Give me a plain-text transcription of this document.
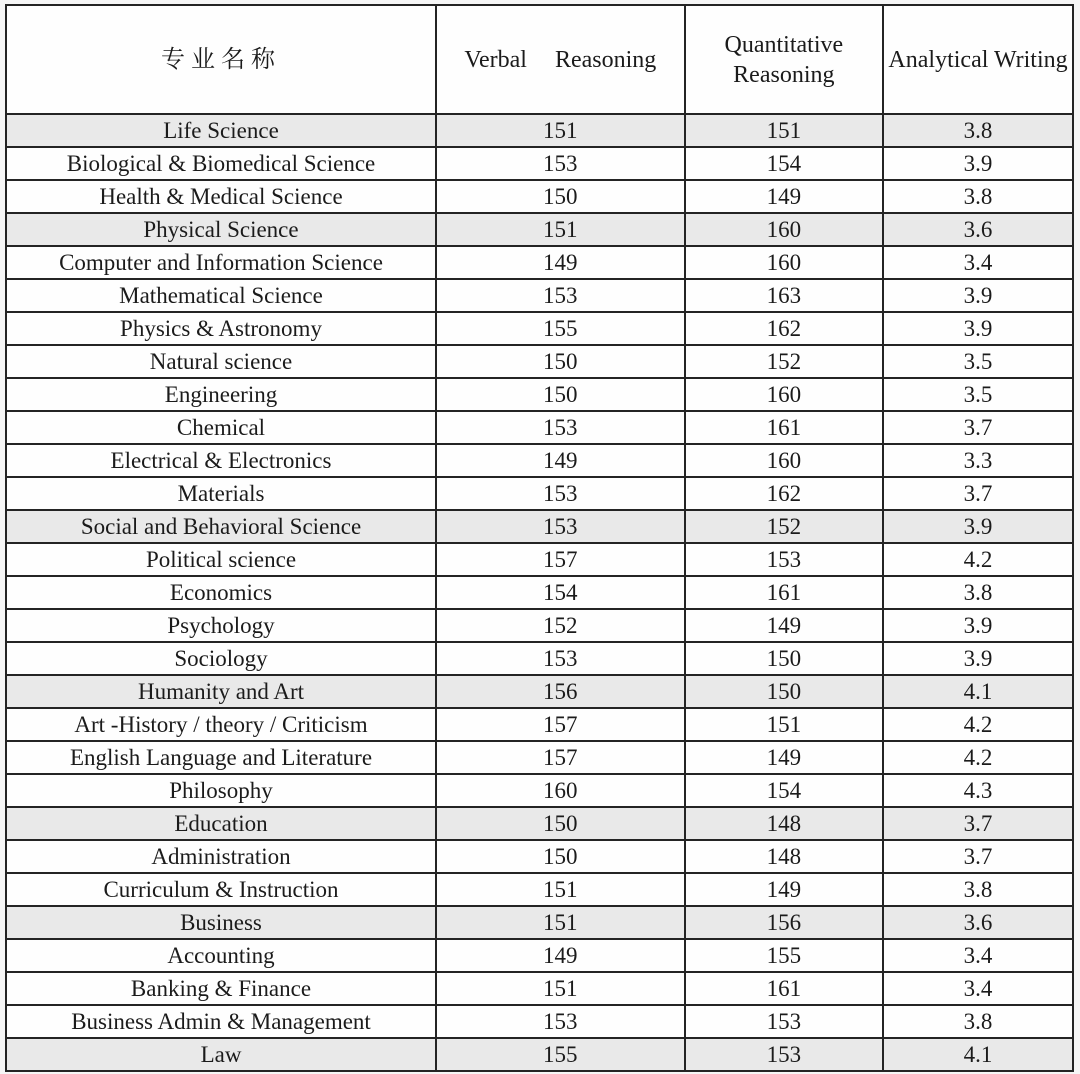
专业名称	Verbal Reasoning	Quantitative Reasoning	Analytical Writing
Life Science	151	151	3.8
Biological & Biomedical Science	153	154	3.9
Health & Medical Science	150	149	3.8
Physical Science	151	160	3.6
Computer and Information Science	149	160	3.4
Mathematical Science	153	163	3.9
Physics & Astronomy	155	162	3.9
Natural science	150	152	3.5
Engineering	150	160	3.5
Chemical	153	161	3.7
Electrical & Electronics	149	160	3.3
Materials	153	162	3.7
Social and Behavioral Science	153	152	3.9
Political science	157	153	4.2
Economics	154	161	3.8
Psychology	152	149	3.9
Sociology	153	150	3.9
Humanity and Art	156	150	4.1
Art -History / theory / Criticism	157	151	4.2
English Language and Literature	157	149	4.2
Philosophy	160	154	4.3
Education	150	148	3.7
Administration	150	148	3.7
Curriculum & Instruction	151	149	3.8
Business	151	156	3.6
Accounting	149	155	3.4
Banking & Finance	151	161	3.4
Business Admin & Management	153	153	3.8
Law	155	153	4.1
